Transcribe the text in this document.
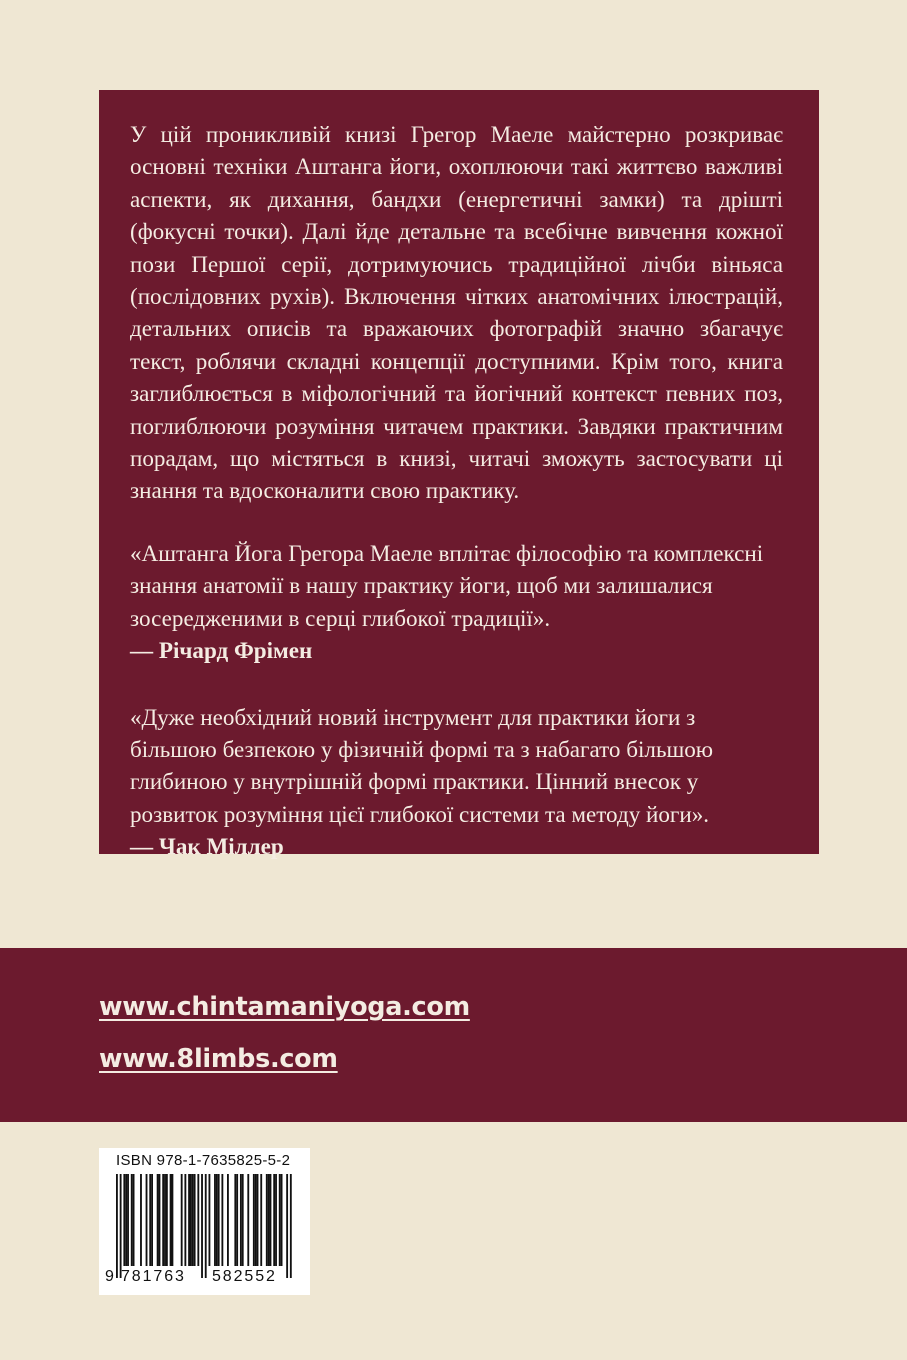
У цій проникливій книзі Грегор Маеле майстерно розкриває основні техніки Аштанга йоги, охоплюючи такі життєво важливі аспекти, як дихання, бандхи (енергетичні замки) та дрішті (фокусні точки). Далі йде детальне та всебічне вивчення кожної пози Першої серії, дотримуючись традиційної лічби віньяса (послідовних рухів). Включення чітких анатомічних ілюстрацій, детальних описів та вражаючих фотографій значно збагачує текст, роблячи складні концепції доступними. Крім того, книга заглиблюється в міфологічний та йогічний контекст певних поз, поглиблюючи розуміння читачем практики. Завдяки практичним порадам, що містяться в книзі, читачі зможуть застосувати ці знання та вдосконалити свою практику.

«Аштанга Йога Грегора Маеле вплітає філософію та комплексні знання анатомії в нашу практику йоги, щоб ми залишалися зосередженими в серці глибокої традиції».

— Річард Фрімен

«Дуже необхідний новий інструмент для практики йоги з більшою безпекою у фізичній формі та з набагато більшою глибиною у внутрішній формі практики. Цінний внесок у розвиток розуміння цієї глибокої системи та методу йоги».

— Чак Міллер

www.chintamaniyoga.com
www.8limbs.com
ISBN 978-1-7635825-5-2
9 781763 582552
